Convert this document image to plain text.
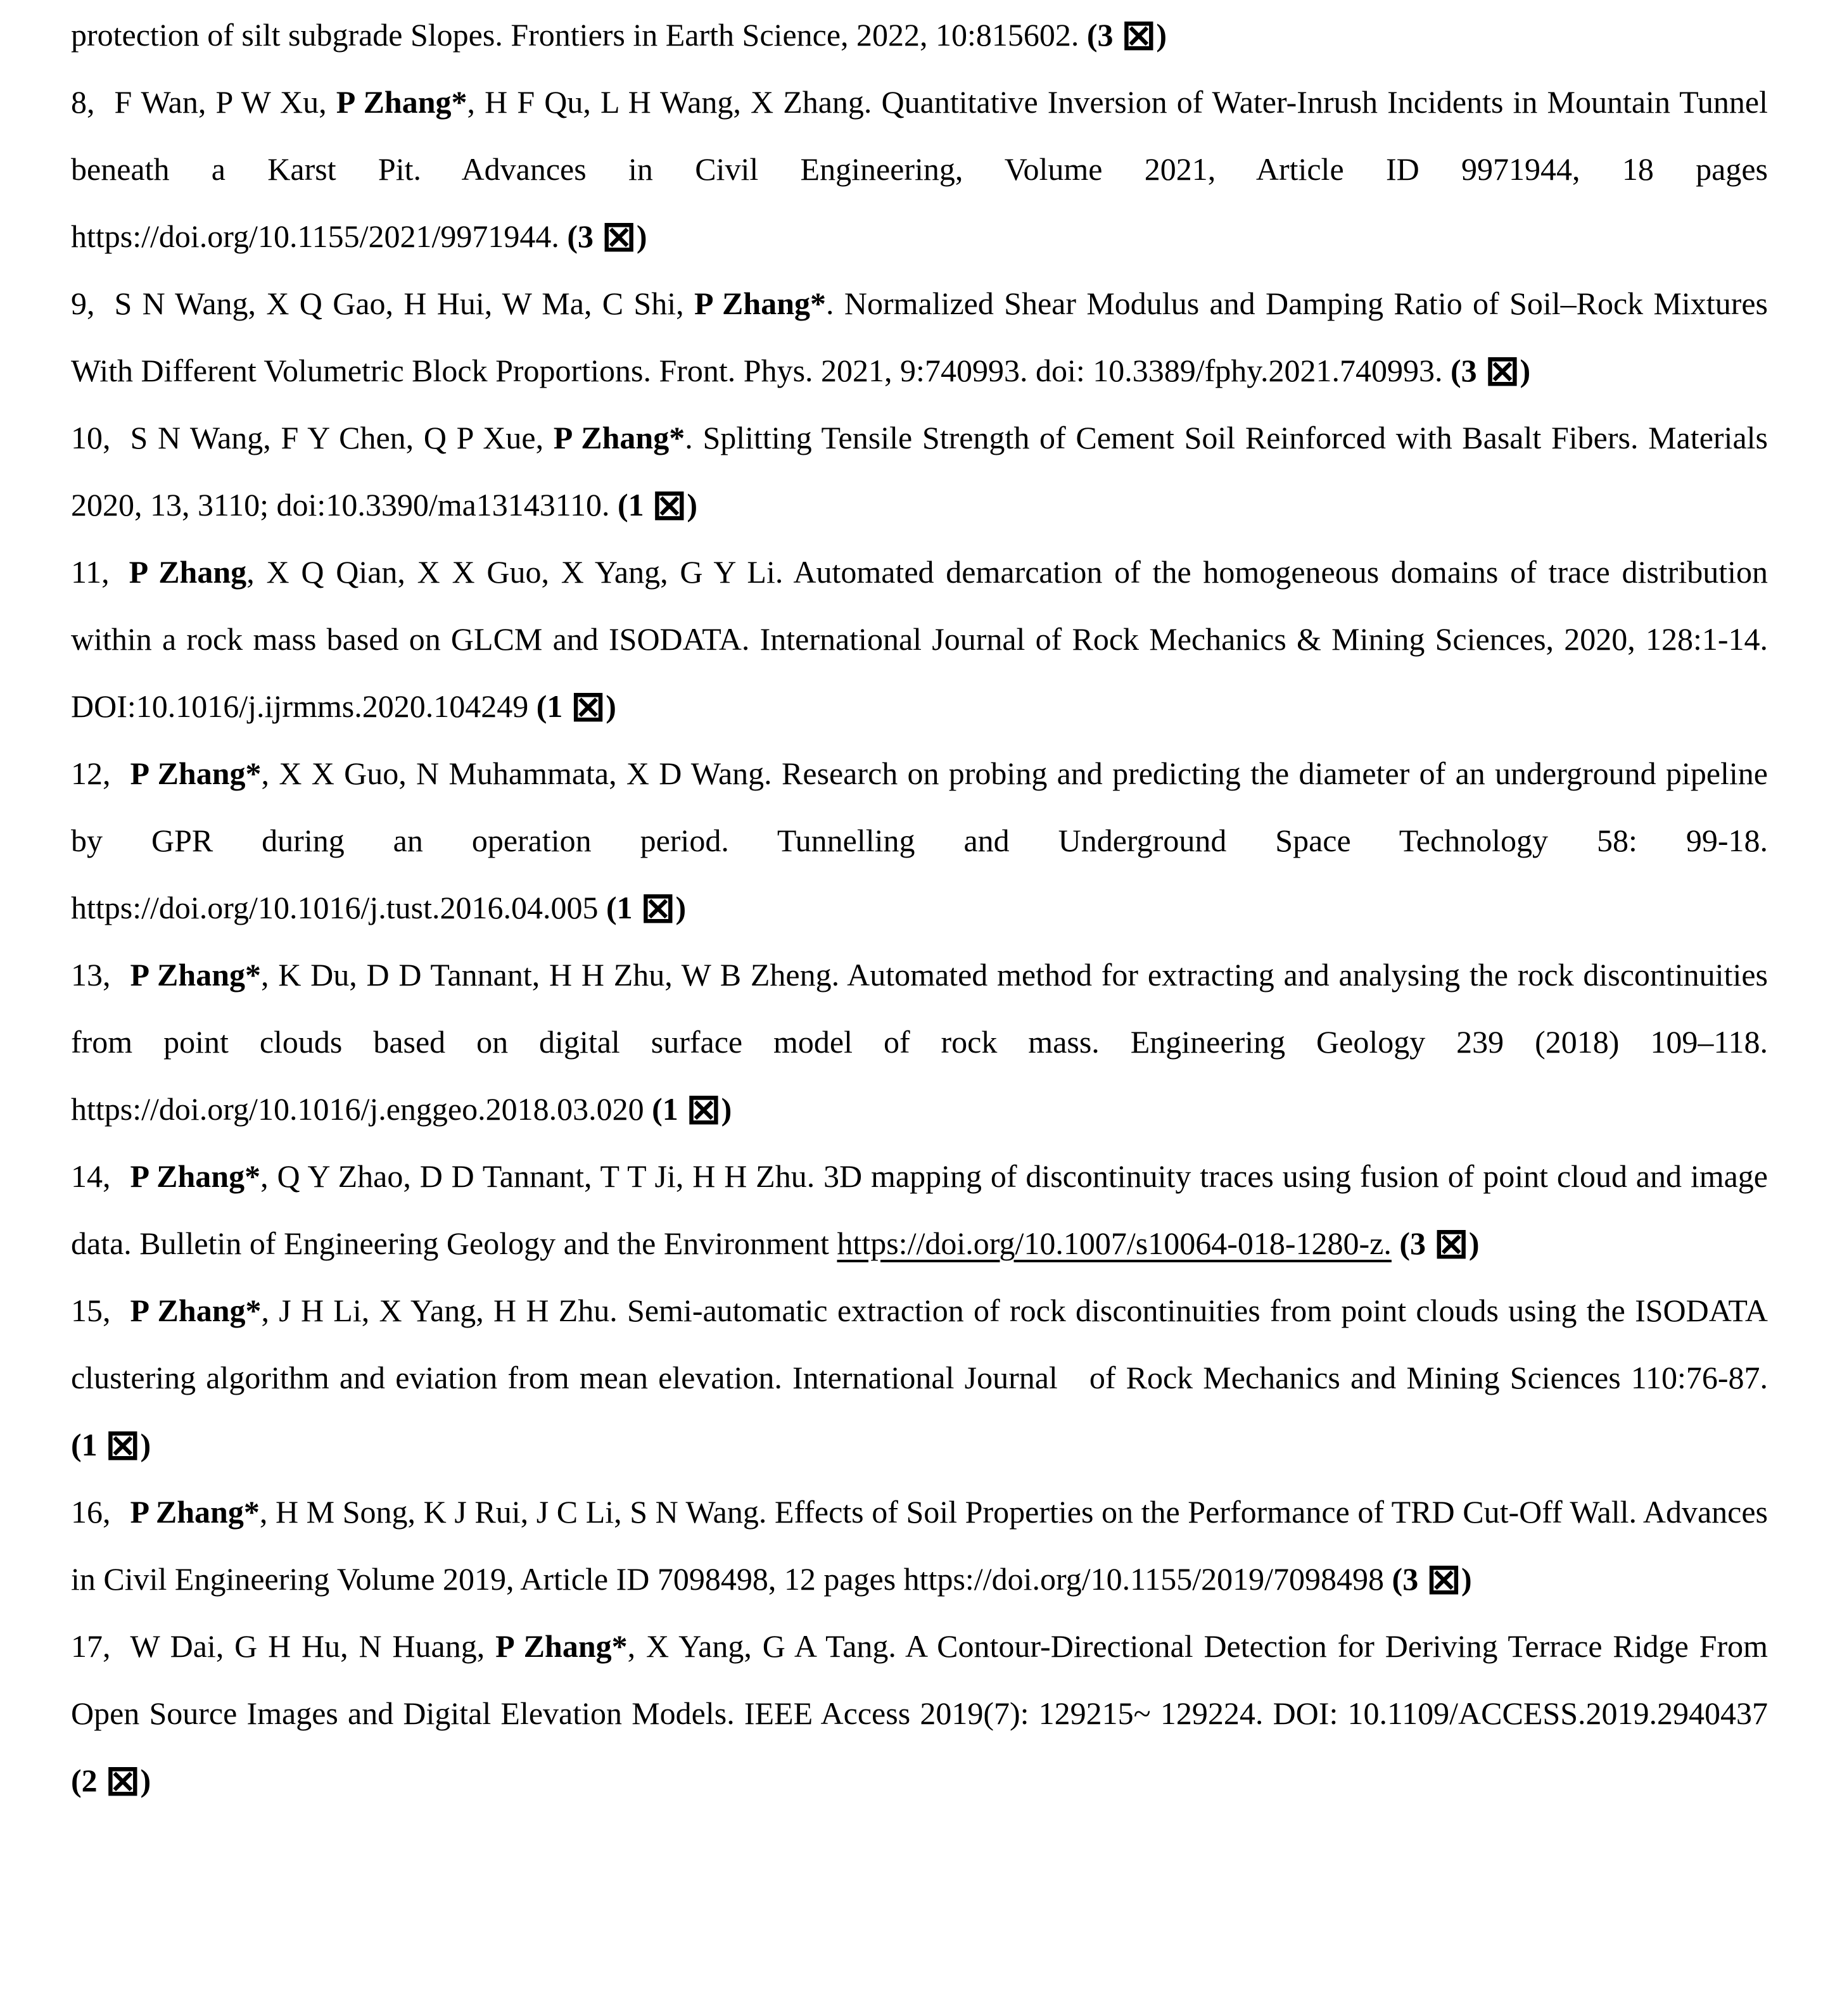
protection of silt subgrade Slopes. Frontiers in Earth Science, 2022, 10:815602. (3 ⊠)

8, F Wan, P W Xu, P Zhang*, H F Qu, L H Wang, X Zhang. Quantitative Inversion of Water-Inrush Incidents in Mountain Tunnel beneath a Karst Pit. Advances in Civil Engineering, Volume 2021, Article ID 9971944, 18 pages https://doi.org/10.1155/2021/9971944. (3 ⊠)

9, S N Wang, X Q Gao, H Hui, W Ma, C Shi, P Zhang*. Normalized Shear Modulus and Damping Ratio of Soil–Rock Mixtures With Different Volumetric Block Proportions. Front. Phys. 2021, 9:740993. doi: 10.3389/fphy.2021.740993. (3 ⊠)

10, S N Wang, F Y Chen, Q P Xue, P Zhang*. Splitting Tensile Strength of Cement Soil Reinforced with Basalt Fibers. Materials 2020, 13, 3110; doi:10.3390/ma13143110. (1 ⊠)

11, P Zhang, X Q Qian, X X Guo, X Yang, G Y Li. Automated demarcation of the homogeneous domains of trace distribution within a rock mass based on GLCM and ISODATA. International Journal of Rock Mechanics & Mining Sciences, 2020, 128:1-14. DOI:10.1016/j.ijrmms.2020.104249 (1 ⊠)

12, P Zhang*, X X Guo, N Muhammata, X D Wang. Research on probing and predicting the diameter of an underground pipeline by GPR during an operation period. Tunnelling and Underground Space Technology 58: 99-18. https://doi.org/10.1016/j.tust.2016.04.005 (1 ⊠)

13, P Zhang*, K Du, D D Tannant, H H Zhu, W B Zheng. Automated method for extracting and analysing the rock discontinuities from point clouds based on digital surface model of rock mass. Engineering Geology 239 (2018) 109–118. https://doi.org/10.1016/j.enggeo.2018.03.020 (1 ⊠)

14, P Zhang*, Q Y Zhao, D D Tannant, T T Ji, H H Zhu. 3D mapping of discontinuity traces using fusion of point cloud and image data. Bulletin of Engineering Geology and the Environment https://doi.org/10.1007/s10064-018-1280-z. (3 ⊠)

15, P Zhang*, J H Li, X Yang, H H Zhu. Semi-automatic extraction of rock discontinuities from point clouds using the ISODATA clustering algorithm and eviation from mean elevation. International Journal  of Rock Mechanics and Mining Sciences 110:76-87. (1 ⊠)

16, P Zhang*, H M Song, K J Rui, J C Li, S N Wang. Effects of Soil Properties on the Performance of TRD Cut-Off Wall. Advances in Civil Engineering Volume 2019, Article ID 7098498, 12 pages https://doi.org/10.1155/2019/7098498 (3 ⊠)

17, W Dai, G H Hu, N Huang, P Zhang*, X Yang, G A Tang. A Contour-Directional Detection for Deriving Terrace Ridge From Open Source Images and Digital Elevation Models. IEEE Access 2019(7): 129215~ 129224. DOI: 10.1109/ACCESS.2019.2940437 (2 ⊠)
